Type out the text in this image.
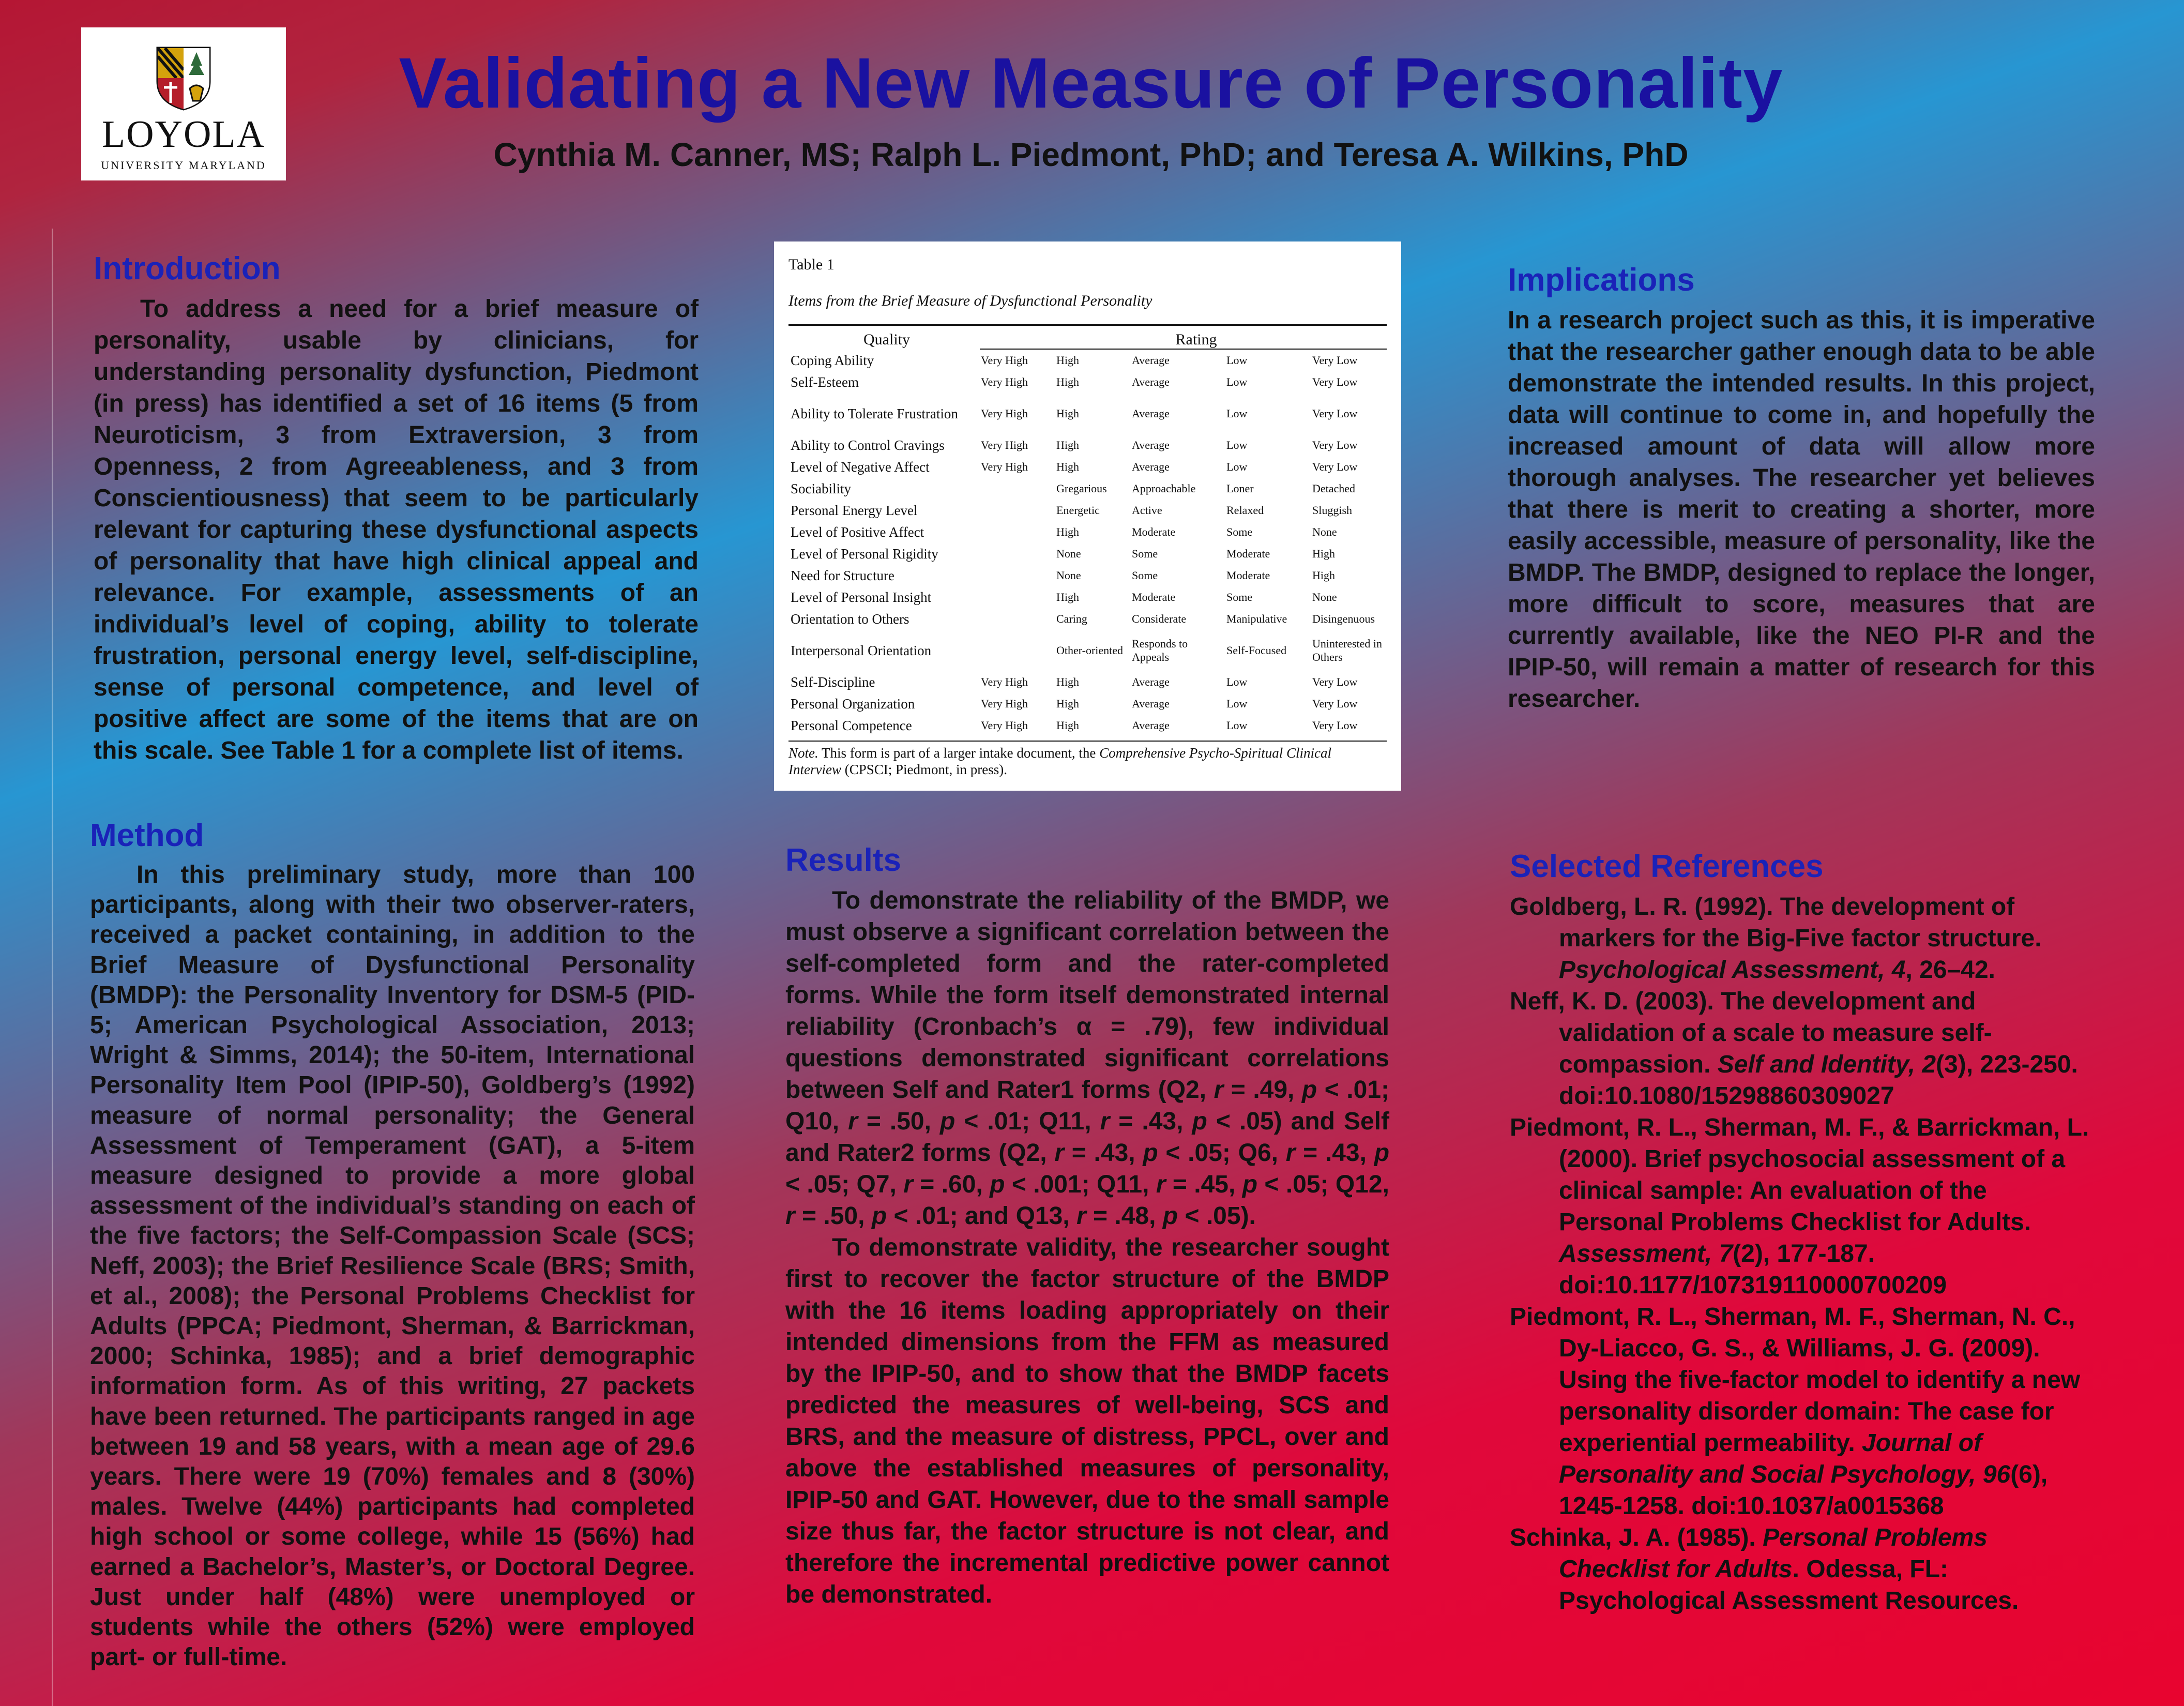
LOYOLA
UNIVERSITY MARYLAND
Validating a New Measure of Personality
Cynthia M. Canner, MS; Ralph L. Piedmont, PhD; and Teresa A. Wilkins, PhD
Introduction

To address a need for a brief measure of personality, usable by clinicians, for understanding personality dysfunction, Piedmont (in press) has identified a set of 16 items (5 from Neuroticism, 3 from Extraversion, 3 from Openness, 2 from Agreeableness, and 3 from Conscientiousness) that seem to be particularly relevant for capturing these dysfunctional aspects of personality that have high clinical appeal and relevance. For example, assessments of an individual’s level of coping, ability to tolerate frustration, personal energy level, self-discipline, sense of personal competence, and level of positive affect are some of the items that are on this scale. See Table 1 for a complete list of items.

Method

In this preliminary study, more than 100 participants, along with their two observer-raters, received a packet containing, in addition to the Brief Measure of Dysfunctional Personality (BMDP): the Personality Inventory for DSM-5 (PID-5; American Psychological Association, 2013; Wright & Simms, 2014); the 50-item, International Personality Item Pool (IPIP-50), Goldberg’s (1992) measure of normal personality; the General Assessment of Temperament (GAT), a 5-item measure designed to provide a more global assessment of the individual’s standing on each of the five factors; the Self-Compassion Scale (SCS; Neff, 2003); the Brief Resilience Scale (BRS; Smith, et al., 2008); the Personal Problems Checklist for Adults (PPCA; Piedmont, Sherman, & Barrickman, 2000; Schinka, 1985); and a brief demographic information form. As of this writing, 27 packets have been returned. The participants ranged in age between 19 and 58 years, with a mean age of 29.6 years. There were 19 (70%) females and 8 (30%) males. Twelve (44%) participants had completed high school or some college, while 15 (56%) had earned a Bachelor’s, Master’s, or Doctoral Degree. Just under half (48%) were unemployed or students while the others (52%) were employed part- or full-time.

Table 1
Items from the Brief Measure of Dysfunctional Personality
Quality	Rating
Coping Ability	Very High	High	Average	Low	Very Low
Self-Esteem	Very High	High	Average	Low	Very Low
Ability to Tolerate Frustration	Very High	High	Average	Low	Very Low
Ability to Control Cravings	Very High	High	Average	Low	Very Low
Level of Negative Affect	Very High	High	Average	Low	Very Low
Sociability		Gregarious	Approachable	Loner	Detached
Personal Energy Level		Energetic	Active	Relaxed	Sluggish
Level of Positive Affect		High	Moderate	Some	None
Level of Personal Rigidity		None	Some	Moderate	High
Need for Structure		None	Some	Moderate	High
Level of Personal Insight		High	Moderate	Some	None
Orientation to Others		Caring	Considerate	Manipulative	Disingenuous
Interpersonal Orientation		Other-oriented	Responds to Appeals	Self-Focused	Uninterested in Others
Self-Discipline	Very High	High	Average	Low	Very Low
Personal Organization	Very High	High	Average	Low	Very Low
Personal Competence	Very High	High	Average	Low	Very Low
Note. This form is part of a larger intake document, the Comprehensive Psycho-Spiritual Clinical Interview (CPSCI; Piedmont, in press).
Results

To demonstrate the reliability of the BMDP, we must observe a significant correlation between the self-completed form and the rater-completed forms. While the form itself demonstrated internal reliability (Cronbach’s α = .79), few individual questions demonstrated significant correlations between Self and Rater1 forms (Q2, r = .49, p < .01; Q10, r = .50, p < .01; Q11, r = .43, p < .05) and Self and Rater2 forms (Q2, r = .43, p < .05; Q6, r = .43, p < .05; Q7, r = .60, p < .001; Q11, r = .45, p < .05; Q12, r = .50, p < .01; and Q13, r = .48, p < .05).

To demonstrate validity, the researcher sought first to recover the factor structure of the BMDP with the 16 items loading appropriately on their intended dimensions from the FFM as measured by the IPIP-50, and to show that the BMDP facets predicted the measures of well-being, SCS and BRS, and the measure of distress, PPCL, over and above the established measures of personality, IPIP-50 and GAT. However, due to the small sample size thus far, the factor structure is not clear, and therefore the incremental predictive power cannot be demonstrated.

Implications

In a research project such as this, it is imperative that the researcher gather enough data to be able demonstrate the intended results. In this project, data will continue to come in, and hopefully the increased amount of data will allow more thorough analyses. The researcher yet believes that there is merit to creating a shorter, more easily accessible, measure of personality, like the BMDP. The BMDP, designed to replace the longer, more difficult to score, measures that are currently available, like the NEO PI-R and the IPIP-50, will remain a matter of research for this researcher.

Selected References

Goldberg, L. R. (1992). The development of markers for the Big-Five factor structure. Psychological Assessment, 4, 26–42.

Neff, K. D. (2003). The development and validation of a scale to measure self-compassion. Self and Identity, 2(3), 223-250. doi:10.1080/15298860309027

Piedmont, R. L., Sherman, M. F., & Barrickman, L. (2000). Brief psychosocial assessment of a clinical sample: An evaluation of the Personal Problems Checklist for Adults. Assessment, 7(2), 177-187. doi:10.1177/107319110000700209

Piedmont, R. L., Sherman, M. F., Sherman, N. C., Dy-Liacco, G. S., & Williams, J. G. (2009). Using the five-factor model to identify a new personality disorder domain: The case for experiential permeability. Journal of Personality and Social Psychology, 96(6), 1245-1258. doi:10.1037/a0015368

Schinka, J. A. (1985). Personal Problems Checklist for Adults. Odessa, FL: Psychological Assessment Resources.
